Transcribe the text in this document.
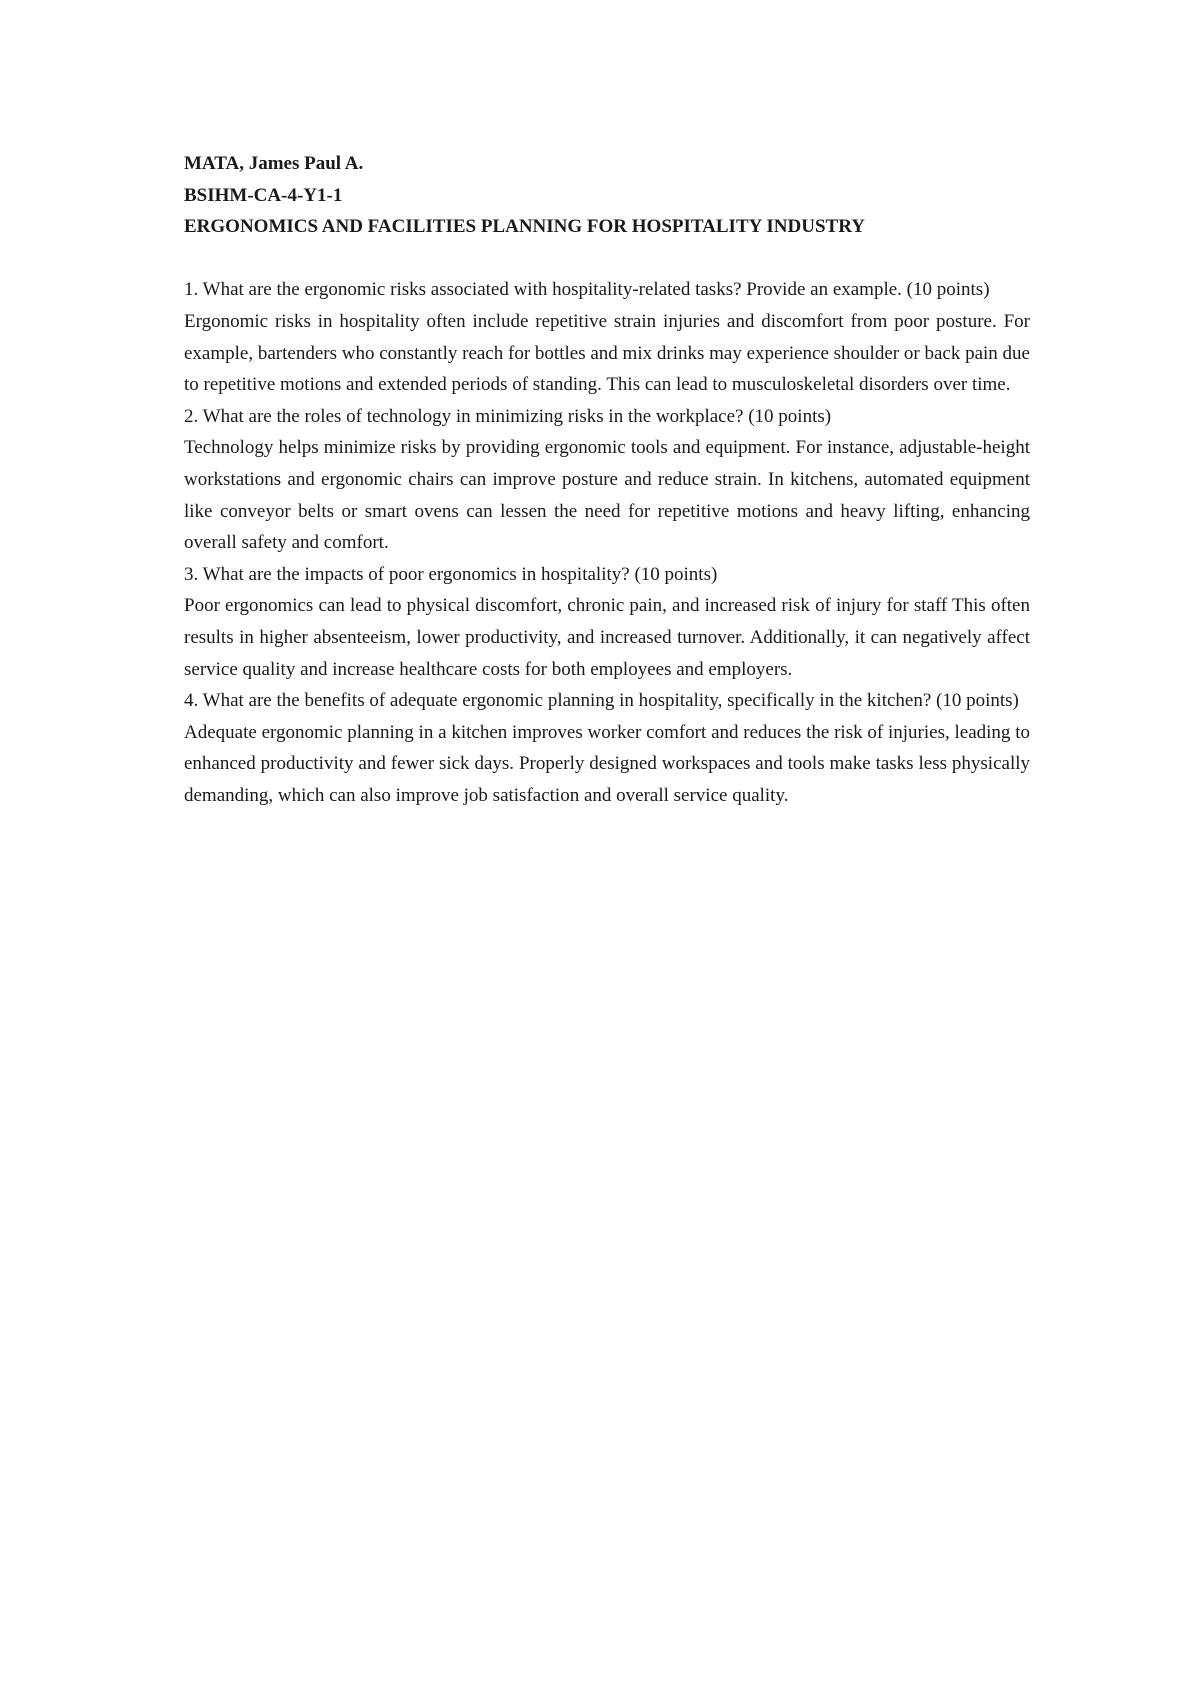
MATA, James Paul A.

BSIHM-CA-4-Y1-1

ERGONOMICS AND FACILITIES PLANNING FOR HOSPITALITY INDUSTRY

1. What are the ergonomic risks associated with hospitality-related tasks? Provide an example. (10 points)

Ergonomic risks in hospitality often include repetitive strain injuries and discomfort from poor posture. For example, bartenders who constantly reach for bottles and mix drinks may experience shoulder or back pain due to repetitive motions and extended periods of standing. This can lead to musculoskeletal disorders over time.

2. What are the roles of technology in minimizing risks in the workplace? (10 points)

Technology helps minimize risks by providing ergonomic tools and equipment. For instance, adjustable-height workstations and ergonomic chairs can improve posture and reduce strain. In kitchens, automated equipment like conveyor belts or smart ovens can lessen the need for repetitive motions and heavy lifting, enhancing overall safety and comfort.

3. What are the impacts of poor ergonomics in hospitality? (10 points)

Poor ergonomics can lead to physical discomfort, chronic pain, and increased risk of injury for staff This often results in higher absenteeism, lower productivity, and increased turnover. Additionally, it can negatively affect service quality and increase healthcare costs for both employees and employers.

4. What are the benefits of adequate ergonomic planning in hospitality, specifically in the kitchen? (10 points)

Adequate ergonomic planning in a kitchen improves worker comfort and reduces the risk of injuries, leading to enhanced productivity and fewer sick days. Properly designed workspaces and tools make tasks less physically demanding, which can also improve job satisfaction and overall service quality.
